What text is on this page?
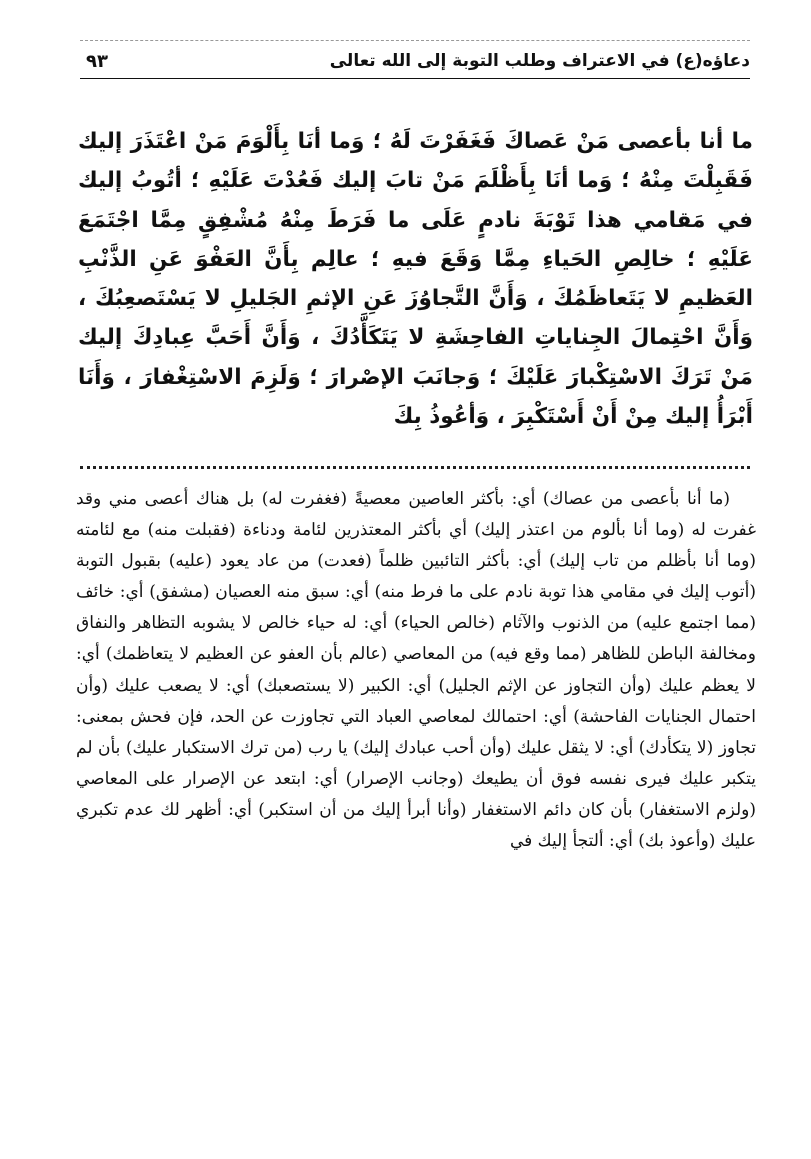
دعاؤه(ع) في الاعتراف وطلب التوبة إلى الله تعالى
٩٣

ما أنا بأعصى مَنْ عَصاكَ فَغَفَرْتَ لَهُ ؛ وَما أنَا بِأَلْوَمَ مَنْ اعْتَذَرَ إليك فَقَبِلْتَ مِنْهُ ؛ وَما أنَا بِأَظْلَمَ مَنْ تابَ إليك فَعُدْتَ عَلَيْهِ ؛ أتُوبُ إليك في مَقامي هذا تَوْبَةَ نادمٍ عَلَى ما فَرَطَ مِنْهُ مُشْفِقٍ مِمَّا اجْتَمَعَ عَلَيْهِ ؛ خالِصِ الحَياءِ مِمَّا وَقَعَ فيهِ ؛ عالِم بِأَنَّ العَفْوَ عَنِ الذَّنْبِ العَظيمِ لا يَتَعاظَمُكَ ، وَأَنَّ التَّجاوُزَ عَنِ الإثمِ الجَليلِ لا يَسْتَصعِبُكَ ، وَأَنَّ احْتِمالَ الجِناياتِ الفاحِشَةِ لا يَتَكَأَّدُكَ ، وَأَنَّ أَحَبَّ عِبادِكَ إليك مَنْ تَرَكَ الاسْتِكْبارَ عَلَيْكَ ؛ وَجانَبَ الإصْرارَ ؛ وَلَزِمَ الاسْتِغْفارَ ، وَأَنَا أَبْرَأُ إليك مِنْ أَنْ أَسْتَكْبِرَ ، وَأعُوذُ بِكَ

(ما أنا بأعصى من عصاك) أي: بأكثر العاصين معصيةً (فغفرت له) بل هناك أعصى مني وقد غفرت له (وما أنا بألوم من اعتذر إليك) أي بأكثر المعتذرين لئامة ودناءة (فقبلت منه) مع لئامته (وما أنا بأظلم من تاب إليك) أي: بأكثر التائبين ظلماً (فعدت) من عاد يعود (عليه) بقبول التوبة (أتوب إليك في مقامي هذا توبة نادم على ما فرط منه) أي: سبق منه العصيان (مشفق) أي: خائف (مما اجتمع عليه) من الذنوب والآثام (خالص الحياء) أي: له حياء خالص لا يشوبه التظاهر والنفاق ومخالفة الباطن للظاهر (مما وقع فيه) من المعاصي (عالم بأن العفو عن العظيم لا يتعاظمك) أي: لا يعظم عليك (وأن التجاوز عن الإثم الجليل) أي: الكبير (لا يستصعبك) أي: لا يصعب عليك (وأن احتمال الجنايات الفاحشة) أي: احتمالك لمعاصي العباد التي تجاوزت عن الحد، فإن فحش بمعنى: تجاوز (لا يتكأدك) أي: لا يثقل عليك (وأن أحب عبادك إليك) يا رب (من ترك الاستكبار عليك) بأن لم يتكبر عليك فيرى نفسه فوق أن يطيعك (وجانب الإصرار) أي: ابتعد عن الإصرار على المعاصي (ولزم الاستغفار) بأن كان دائم الاستغفار (وأنا أبرأ إليك من أن استكبر) أي: أظهر لك عدم تكبري عليك (وأعوذ بك) أي: ألتجأ إليك في
